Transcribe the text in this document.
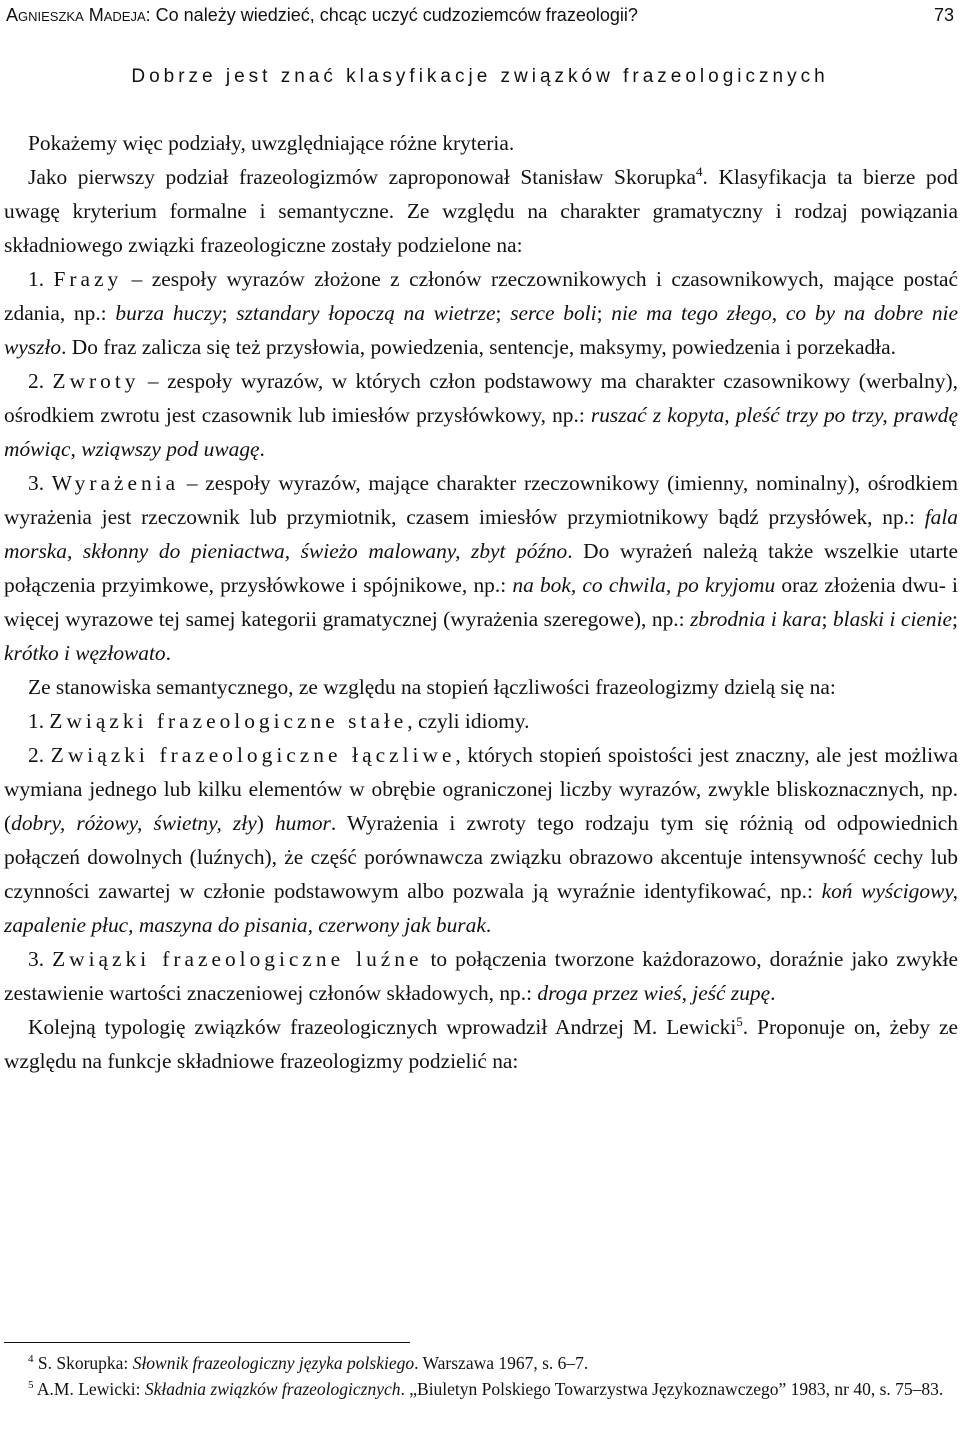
Agnieszka Madeja: Co należy wiedzieć, chcąc uczyć cudzoziemców frazeologii?	73
Dobrze jest znać klasyfikacje związków frazeologicznych

Pokażemy więc podziały, uwzględniające różne kryteria.

Jako pierwszy podział frazeologizmów zaproponował Stanisław Skorupka$^4$. Klasyfikacja ta bierze pod uwagę kryterium formalne i semantyczne. Ze względu na charakter gramatyczny i rodzaj powiązania składniowego związki frazeologiczne zostały podzielone na:

1. Frazy – zespoły wyrazów złożone z członów rzeczownikowych i czasownikowych, mające postać zdania, np.: burza huczy; sztandary łopoczą na wietrze; serce boli; nie ma tego złego, co by na dobre nie wyszło. Do fraz zalicza się też przysłowia, powiedzenia, sentencje, maksymy, powiedzenia i porzekadła.

2. Zwroty – zespoły wyrazów, w których człon podstawowy ma charakter czasownikowy (werbalny), ośrodkiem zwrotu jest czasownik lub imiesłów przysłówkowy, np.: ruszać z kopyta, pleść trzy po trzy, prawdę mówiąc, wziąwszy pod uwagę.

3. Wyrażenia – zespoły wyrazów, mające charakter rzeczownikowy (imienny, nominalny), ośrodkiem wyrażenia jest rzeczownik lub przymiotnik, czasem imiesłów przymiotnikowy bądź przysłówek, np.: fala morska, skłonny do pieniactwa, świeżo malowany, zbyt późno. Do wyrażeń należą także wszelkie utarte połączenia przyimkowe, przysłówkowe i spójnikowe, np.: na bok, co chwila, po kryjomu oraz złożenia dwu- i więcej wyrazowe tej samej kategorii gramatycznej (wyrażenia szeregowe), np.: zbrodnia i kara; blaski i cienie; krótko i węzłowato.

Ze stanowiska semantycznego, ze względu na stopień łączliwości frazeologizmy dzielą się na:

1. Związki frazeologiczne stałe, czyli idiomy.

2. Związki frazeologiczne łączliwe, których stopień spoistości jest znaczny, ale jest możliwa wymiana jednego lub kilku elementów w obrębie ograniczonej liczby wyrazów, zwykle bliskoznacznych, np. (dobry, różowy, świetny, zły) humor. Wyrażenia i zwroty tego rodzaju tym się różnią od odpowiednich połączeń dowolnych (luźnych), że część porównawcza związku obrazowo akcentuje intensywność cechy lub czynności zawartej w członie podstawowym albo pozwala ją wyraźnie identyfikować, np.: koń wyścigowy, zapalenie płuc, maszyna do pisania, czerwony jak burak.

3. Związki frazeologiczne luźne to połączenia tworzone każdorazowo, doraźnie jako zwykłe zestawienie wartości znaczeniowej członów składowych, np.: droga przez wieś, jeść zupę.

Kolejną typologię związków frazeologicznych wprowadził Andrzej M. Lewicki$^5$. Proponuje on, żeby ze względu na funkcje składniowe frazeologizmy podzielić na:

$^4$ S. Skorupka: Słownik frazeologiczny języka polskiego. Warszawa 1967, s. 6–7.

$^5$ A.M. Lewicki: Składnia związków frazeologicznych. „Biuletyn Polskiego Towarzystwa Językoznawczego” 1983, nr 40, s. 75–83.
